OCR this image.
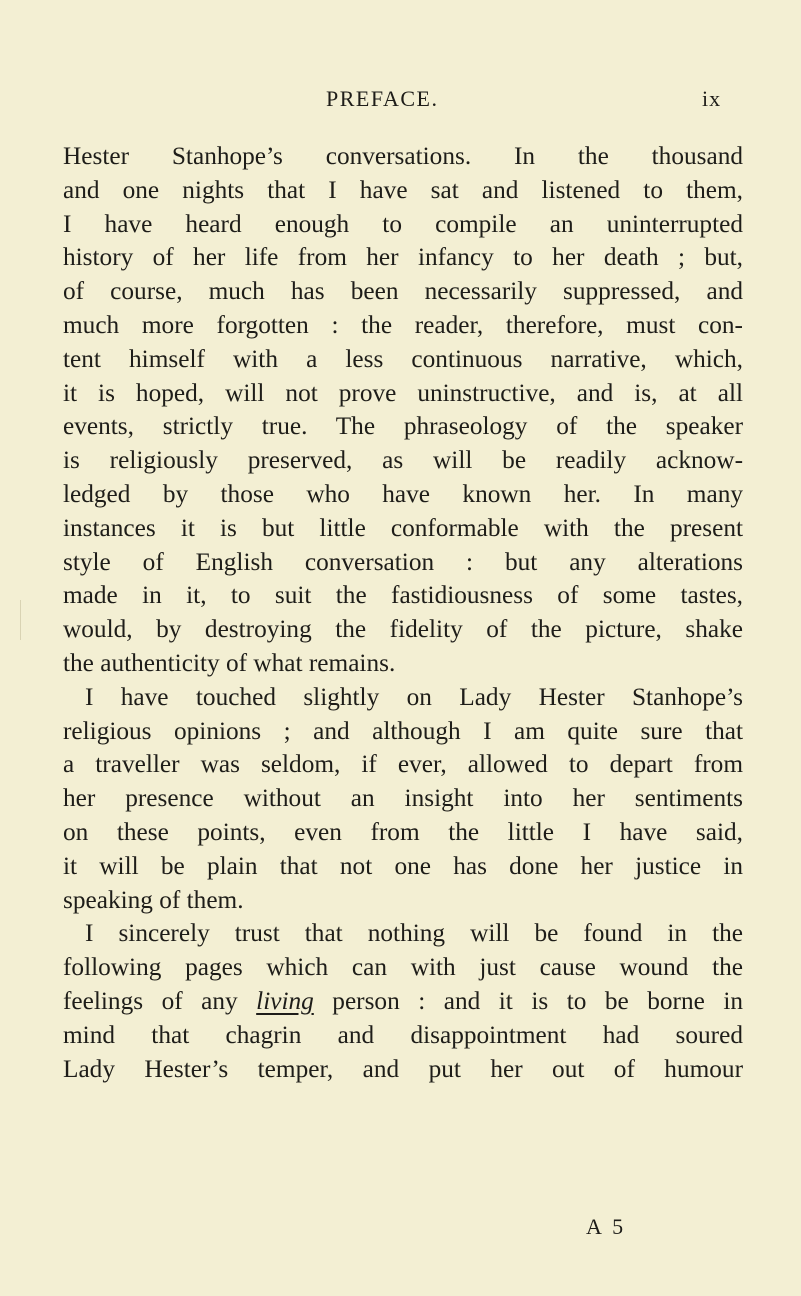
PREFACE.	ix
Hester Stanhope’s conversations. In the thousand
and one nights that I have sat and listened to them,
I have heard enough to compile an uninterrupted
history of her life from her infancy to her death ; but,
of course, much has been necessarily suppressed, and
much more forgotten : the reader, therefore, must con-
tent himself with a less continuous narrative, which,
it is hoped, will not prove uninstructive, and is, at all
events, strictly true. The phraseology of the speaker
is religiously preserved, as will be readily acknow-
ledged by those who have known her. In many
instances it is but little conformable with the present
style of English conversation : but any alterations
made in it, to suit the fastidiousness of some tastes,
would, by destroying the fidelity of the picture, shake
the authenticity of what remains.
I have touched slightly on Lady Hester Stanhope’s
religious opinions ; and although I am quite sure that
a traveller was seldom, if ever, allowed to depart from
her presence without an insight into her sentiments
on these points, even from the little I have said,
it will be plain that not one has done her justice in
speaking of them.
I sincerely trust that nothing will be found in the
following pages which can with just cause wound the
feelings of any living person : and it is to be borne in
mind that chagrin and disappointment had soured
Lady Hester’s temper, and put her out of humour
A 5
